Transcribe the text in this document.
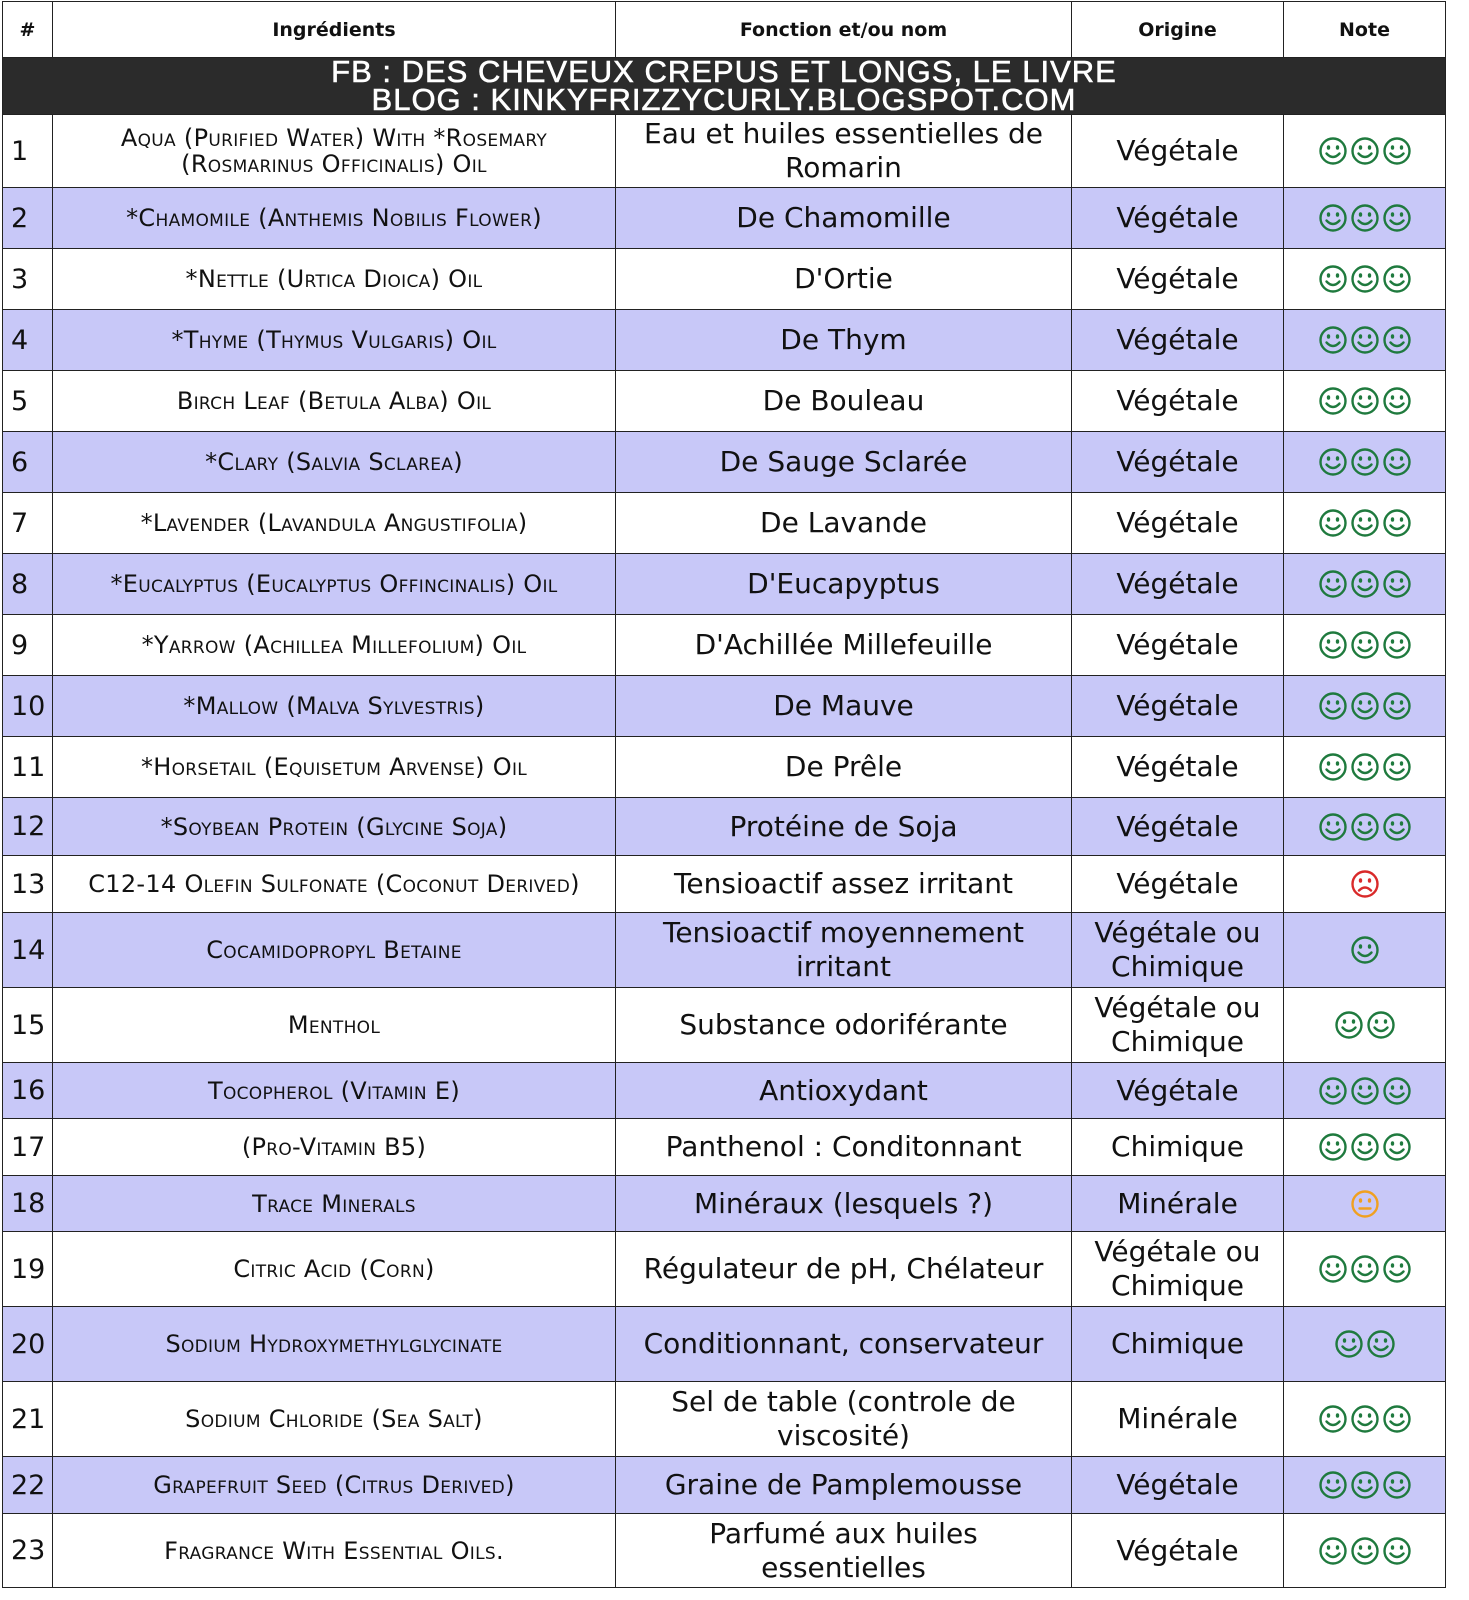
#	Ingrédients	Fonction et/ou nom	Origine	Note

FB : DES CHEVEUX CREPUS ET LONGS, LE LIVRE
BLOG : KINKYFRIZZYCURLY.BLOGSPOT.COM				

1	Aqua (Purified Water) With *Rosemary (Rosmarinus Officinalis) Oil	Eau et huiles essentielles de Romarin	Végétale	
2	*Chamomile (Anthemis Nobilis Flower)	De Chamomille	Végétale	
3	*Nettle (Urtica Dioica) Oil	D'Ortie	Végétale	
4	*Thyme (Thymus Vulgaris) Oil	De Thym	Végétale	
5	Birch Leaf (Betula Alba) Oil	De Bouleau	Végétale	
6	*Clary (Salvia Sclarea)	De Sauge Sclarée	Végétale	
7	*Lavender (Lavandula Angustifolia)	De Lavande	Végétale	
8	*Eucalyptus (Eucalyptus Offincinalis) Oil	D'Eucapyptus	Végétale	
9	*Yarrow (Achillea Millefolium) Oil	D'Achillée Millefeuille	Végétale	
10	*Mallow (Malva Sylvestris)	De Mauve	Végétale	
11	*Horsetail (Equisetum Arvense) Oil	De Prêle	Végétale	
12	*Soybean Protein (Glycine Soja)	Protéine de Soja	Végétale	
13	C12-14 Olefin Sulfonate (Coconut Derived)	Tensioactif assez irritant	Végétale	
14	Cocamidopropyl Betaine	Tensioactif moyennement irritant	Végétale ou Chimique	
15	Menthol	Substance odoriférante	Végétale ou Chimique	
16	Tocopherol (Vitamin E)	Antioxydant	Végétale	
17	(Pro-Vitamin B5)	Panthenol : Conditonnant	Chimique	
18	Trace Minerals	Minéraux (lesquels ?)	Minérale	
19	Citric Acid (Corn)	Régulateur de pH, Chélateur	Végétale ou Chimique	
20	Sodium Hydroxymethylglycinate	Conditionnant, conservateur	Chimique	
21	Sodium Chloride (Sea Salt)	Sel de table (controle de viscosité)	Minérale	
22	Grapefruit Seed (Citrus Derived)	Graine de Pamplemousse	Végétale	
23	Fragrance With Essential Oils.	Parfumé aux huiles essentielles	Végétale	
